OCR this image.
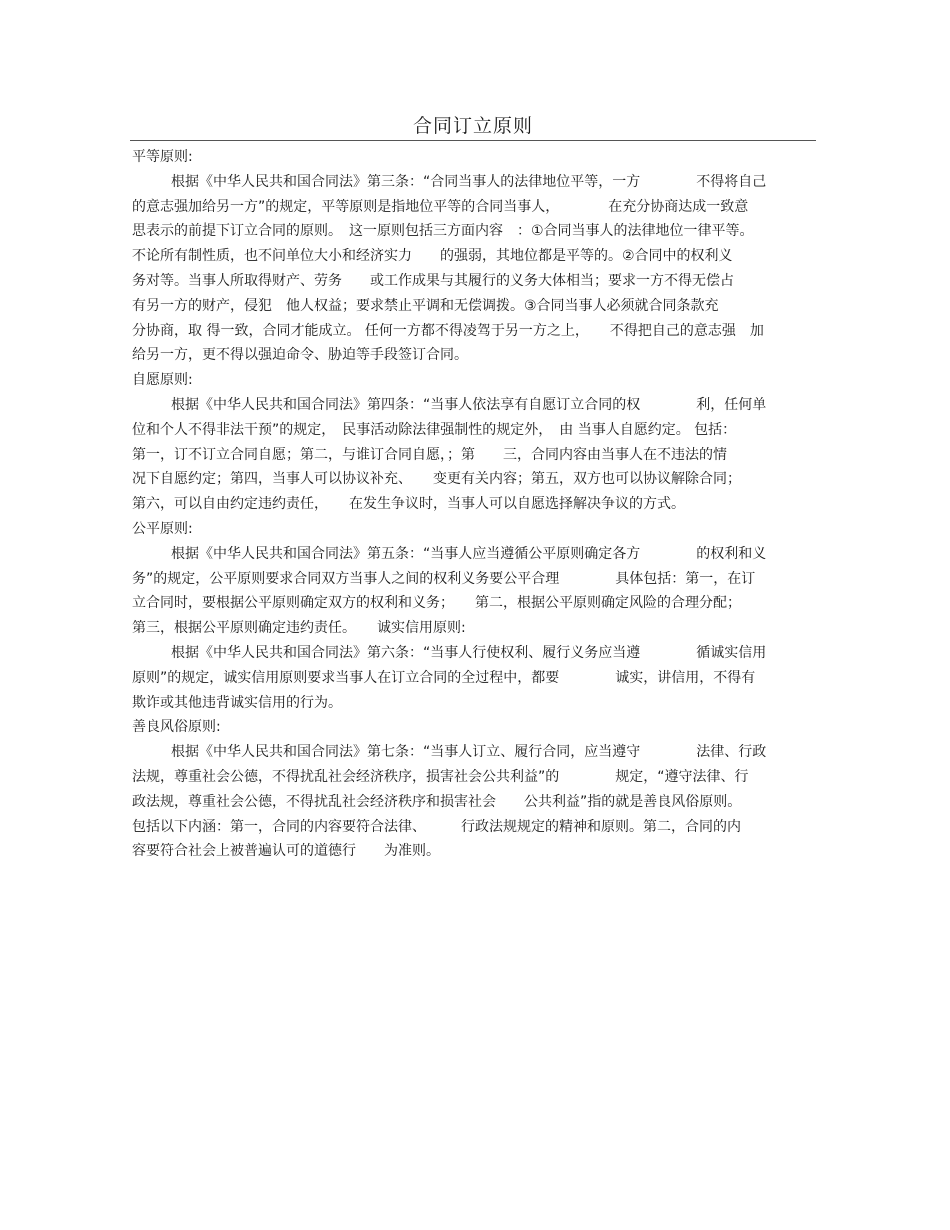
合同订立原则

平等原则:

根据《中华人民共和国合同法》第三条：“合同当事人的法律地位平等，一方　　　　不得将自己

的意志强加给另一方”的规定，平等原则是指地位平等的合同当事人，　　　　在充分协商达成一致意

思表示的前提下订立合同的原则。　这一原则包括三方面内容　：①合同当事人的法律地位一律平等。

不论所有制性质，也不问单位大小和经济实力　　的强弱，其地位都是平等的。②合同中的权利义

务对等。当事人所取得财产、劳务　　或工作成果与其履行的义务大体相当；要求一方不得无偿占

有另一方的财产，侵犯　他人权益；要求禁止平调和无偿调拨。③合同当事人必须就合同条款充

分协商，取 得一致，合同才能成立。 任何一方都不得凌驾于另一方之上，　　不得把自己的意志强　加

给另一方，更不得以强迫命令、胁迫等手段签订合同。

自愿原则:

根据《中华人民共和国合同法》第四条：“当事人依法享有自愿订立合同的权　　　　利，任何单

位和个人不得非法干预”的规定，　民事活动除法律强制性的规定外，　由 当事人自愿约定。 包括：

第一，订不订立合同自愿；第二，与谁订合同自愿，；第　　三，合同内容由当事人在不违法的情

况下自愿约定；第四，当事人可以协议补充、　　变更有关内容；第五，双方也可以协议解除合同；

第六，可以自由约定违约责任，　　在发生争议时，当事人可以自愿选择解决争议的方式。

公平原则:

根据《中华人民共和国合同法》第五条：“当事人应当遵循公平原则确定各方　　　　的权利和义

务”的规定，公平原则要求合同双方当事人之间的权利义务要公平合理　　　　具体包括：第一，在订

立合同时，要根据公平原则确定双方的权利和义务；　　第二，根据公平原则确定风险的合理分配；

第三，根据公平原则确定违约责任。　　诚实信用原则:

根据《中华人民共和国合同法》第六条：“当事人行使权利、履行义务应当遵　　　　循诚实信用

原则”的规定，诚实信用原则要求当事人在订立合同的全过程中，都要　　　　诚实，讲信用，不得有

欺诈或其他违背诚实信用的行为。

善良风俗原则:

根据《中华人民共和国合同法》第七条：“当事人订立、履行合同，应当遵守　　　　法律、行政

法规，尊重社会公德，不得扰乱社会经济秩序，损害社会公共利益”的　　　　规定，“遵守法律、行

政法规，尊重社会公德，不得扰乱社会经济秩序和损害社会　　公共利益”指的就是善良风俗原则。

包括以下内涵：第一，合同的内容要符合法律、　　　行政法规规定的精神和原则。第二，合同的内

容要符合社会上被普遍认可的道德行　　为准则。
